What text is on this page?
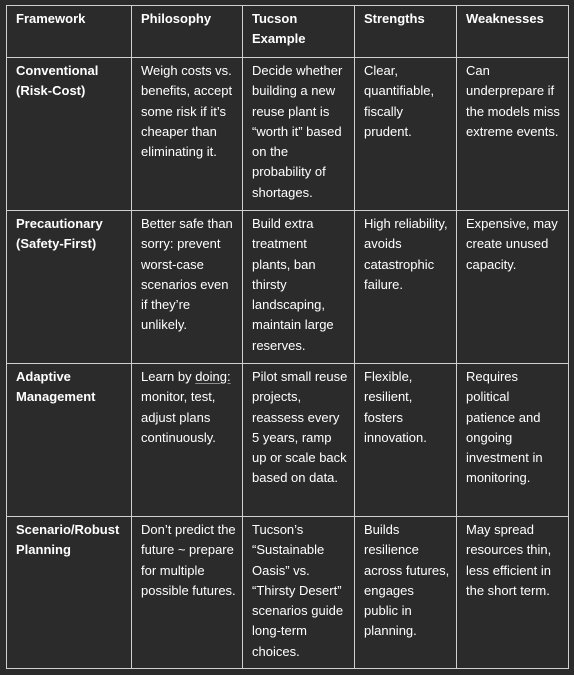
Framework	Philosophy	Tucson Example	Strengths	Weaknesses
Conventional (Risk-Cost)	Weigh costs vs. benefits, accept some risk if it’s cheaper than eliminating it.	Decide whether building a new reuse plant is “worth it” based on the probability of shortages.	Clear, quantifiable, fiscally prudent.	Can underprepare if the models miss extreme events.
Precautionary (Safety-First)	Better safe than sorry: prevent worst-case scenarios even if they’re unlikely.	Build extra treatment plants, ban thirsty landscaping, maintain large reserves.	High reliability, avoids catastrophic failure.	Expensive, may create unused capacity.
Adaptive Management	Learn by doing: monitor, test, adjust plans continuously.	Pilot small reuse projects, reassess every 5 years, ramp up or scale back based on data.	Flexible, resilient, fosters innovation.	Requires political patience and ongoing investment in monitoring.
Scenario/Robust Planning	Don’t predict the future ~ prepare for multiple possible futures.	Tucson’s “Sustainable Oasis” vs. “Thirsty Desert” scenarios guide long-term choices.	Builds resilience across futures, engages public in planning.	May spread resources thin, less efficient in the short term.
